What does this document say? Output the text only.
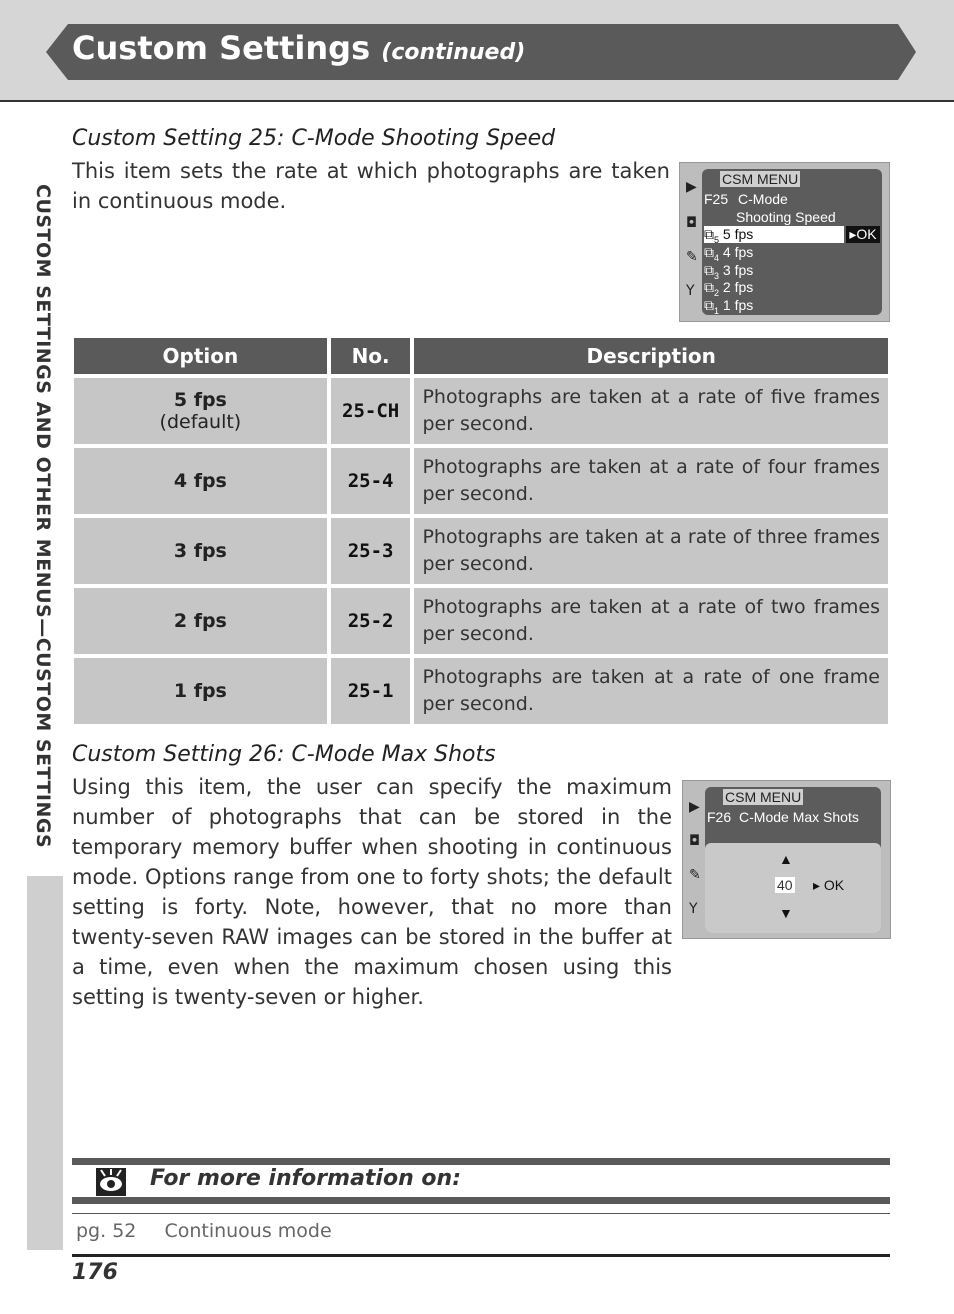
Custom Settings (continued)
CUSTOM SETTINGS AND OTHER MENUS—CUSTOM SETTINGS
Custom Setting 25: C-Mode Shooting Speed
This item sets the rate at which photographs are taken in continuous mode.
▶
◘
✎
Y
CSM MENU
F25 C-Mode
Shooting Speed
$⧉_5$ 5 fps	▸OK
$⧉_4$ 4 fps
$⧉_3$ 3 fps
$⧉_2$ 2 fps
$⧉_1$ 1 fps
Option	No.	Description
5 fps
(default)	25-CH	Photographs are taken at a rate of five frames per second.
4 fps	25-4	Photographs are taken at a rate of four frames per second.
3 fps	25-3	Photographs are taken at a rate of three frames per second.
2 fps	25-2	Photographs are taken at a rate of two frames per second.
1 fps	25-1	Photographs are taken at a rate of one frame per second.
Custom Setting 26: C-Mode Max Shots
Using this item, the user can specify the maximum number of photographs that can be stored in the temporary memory buffer when shooting in continuous mode. Options range from one to forty shots; the default setting is forty. Note, however, that no more than twenty-seven RAW images can be stored in the buffer at a time, even when the maximum chosen using this setting is twenty-seven or higher.
▶
◘
✎
Y
CSM MENU
F26 C-Mode Max Shots
▲
40 ▸ OK
▼
For more information on:
pg. 52 Continuous mode
176
